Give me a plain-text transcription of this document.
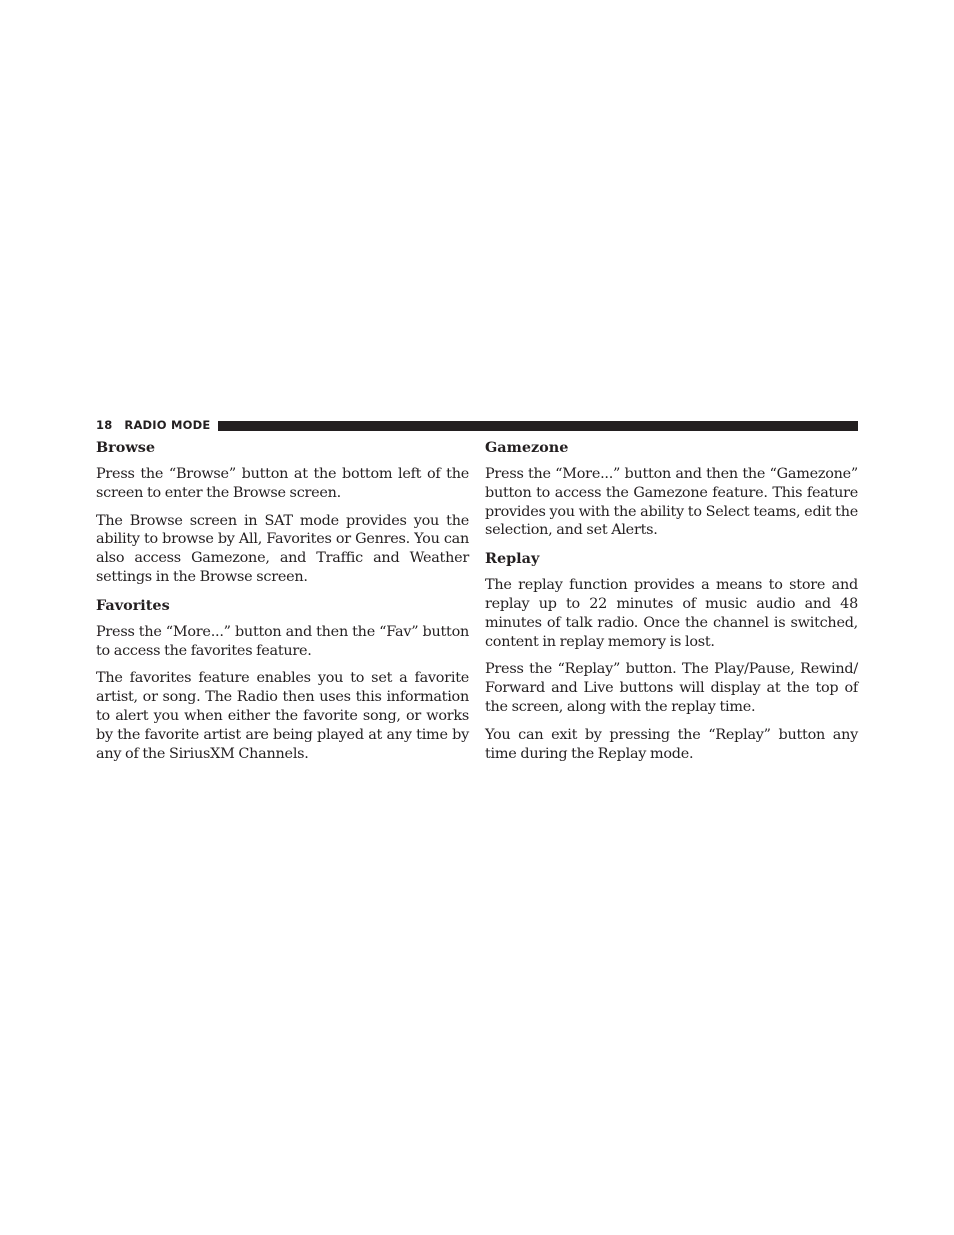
18 RADIO MODE
Browse

Press the “Browse” button at the bottom left of the screen to enter the Browse screen.

The Browse screen in SAT mode provides you the ability to browse by All, Favorites or Genres. You can also access Gamezone, and Traffic and Weather settings in the Browse screen.

Favorites

Press the “More...” button and then the “Fav” button to access the favorites feature.

The favorites feature enables you to set a favorite artist, or song. The Radio then uses this information to alert you when either the favorite song, or works by the favorite artist are being played at any time by any of the SiriusXM Channels.

Gamezone

Press the “More...” button and then the “Gamezone” button to access the Gamezone feature. This feature provides you with the ability to Select teams, edit the selection, and set Alerts.

Replay

The replay function provides a means to store and replay up to 22 minutes of music audio and 48 minutes of talk radio. Once the channel is switched, content in replay memory is lost.

Press the “Replay” button. The Play/Pause, Rewind/ Forward and Live buttons will display at the top of the screen, along with the replay time.

You can exit by pressing the “Replay” button any time during the Replay mode.
